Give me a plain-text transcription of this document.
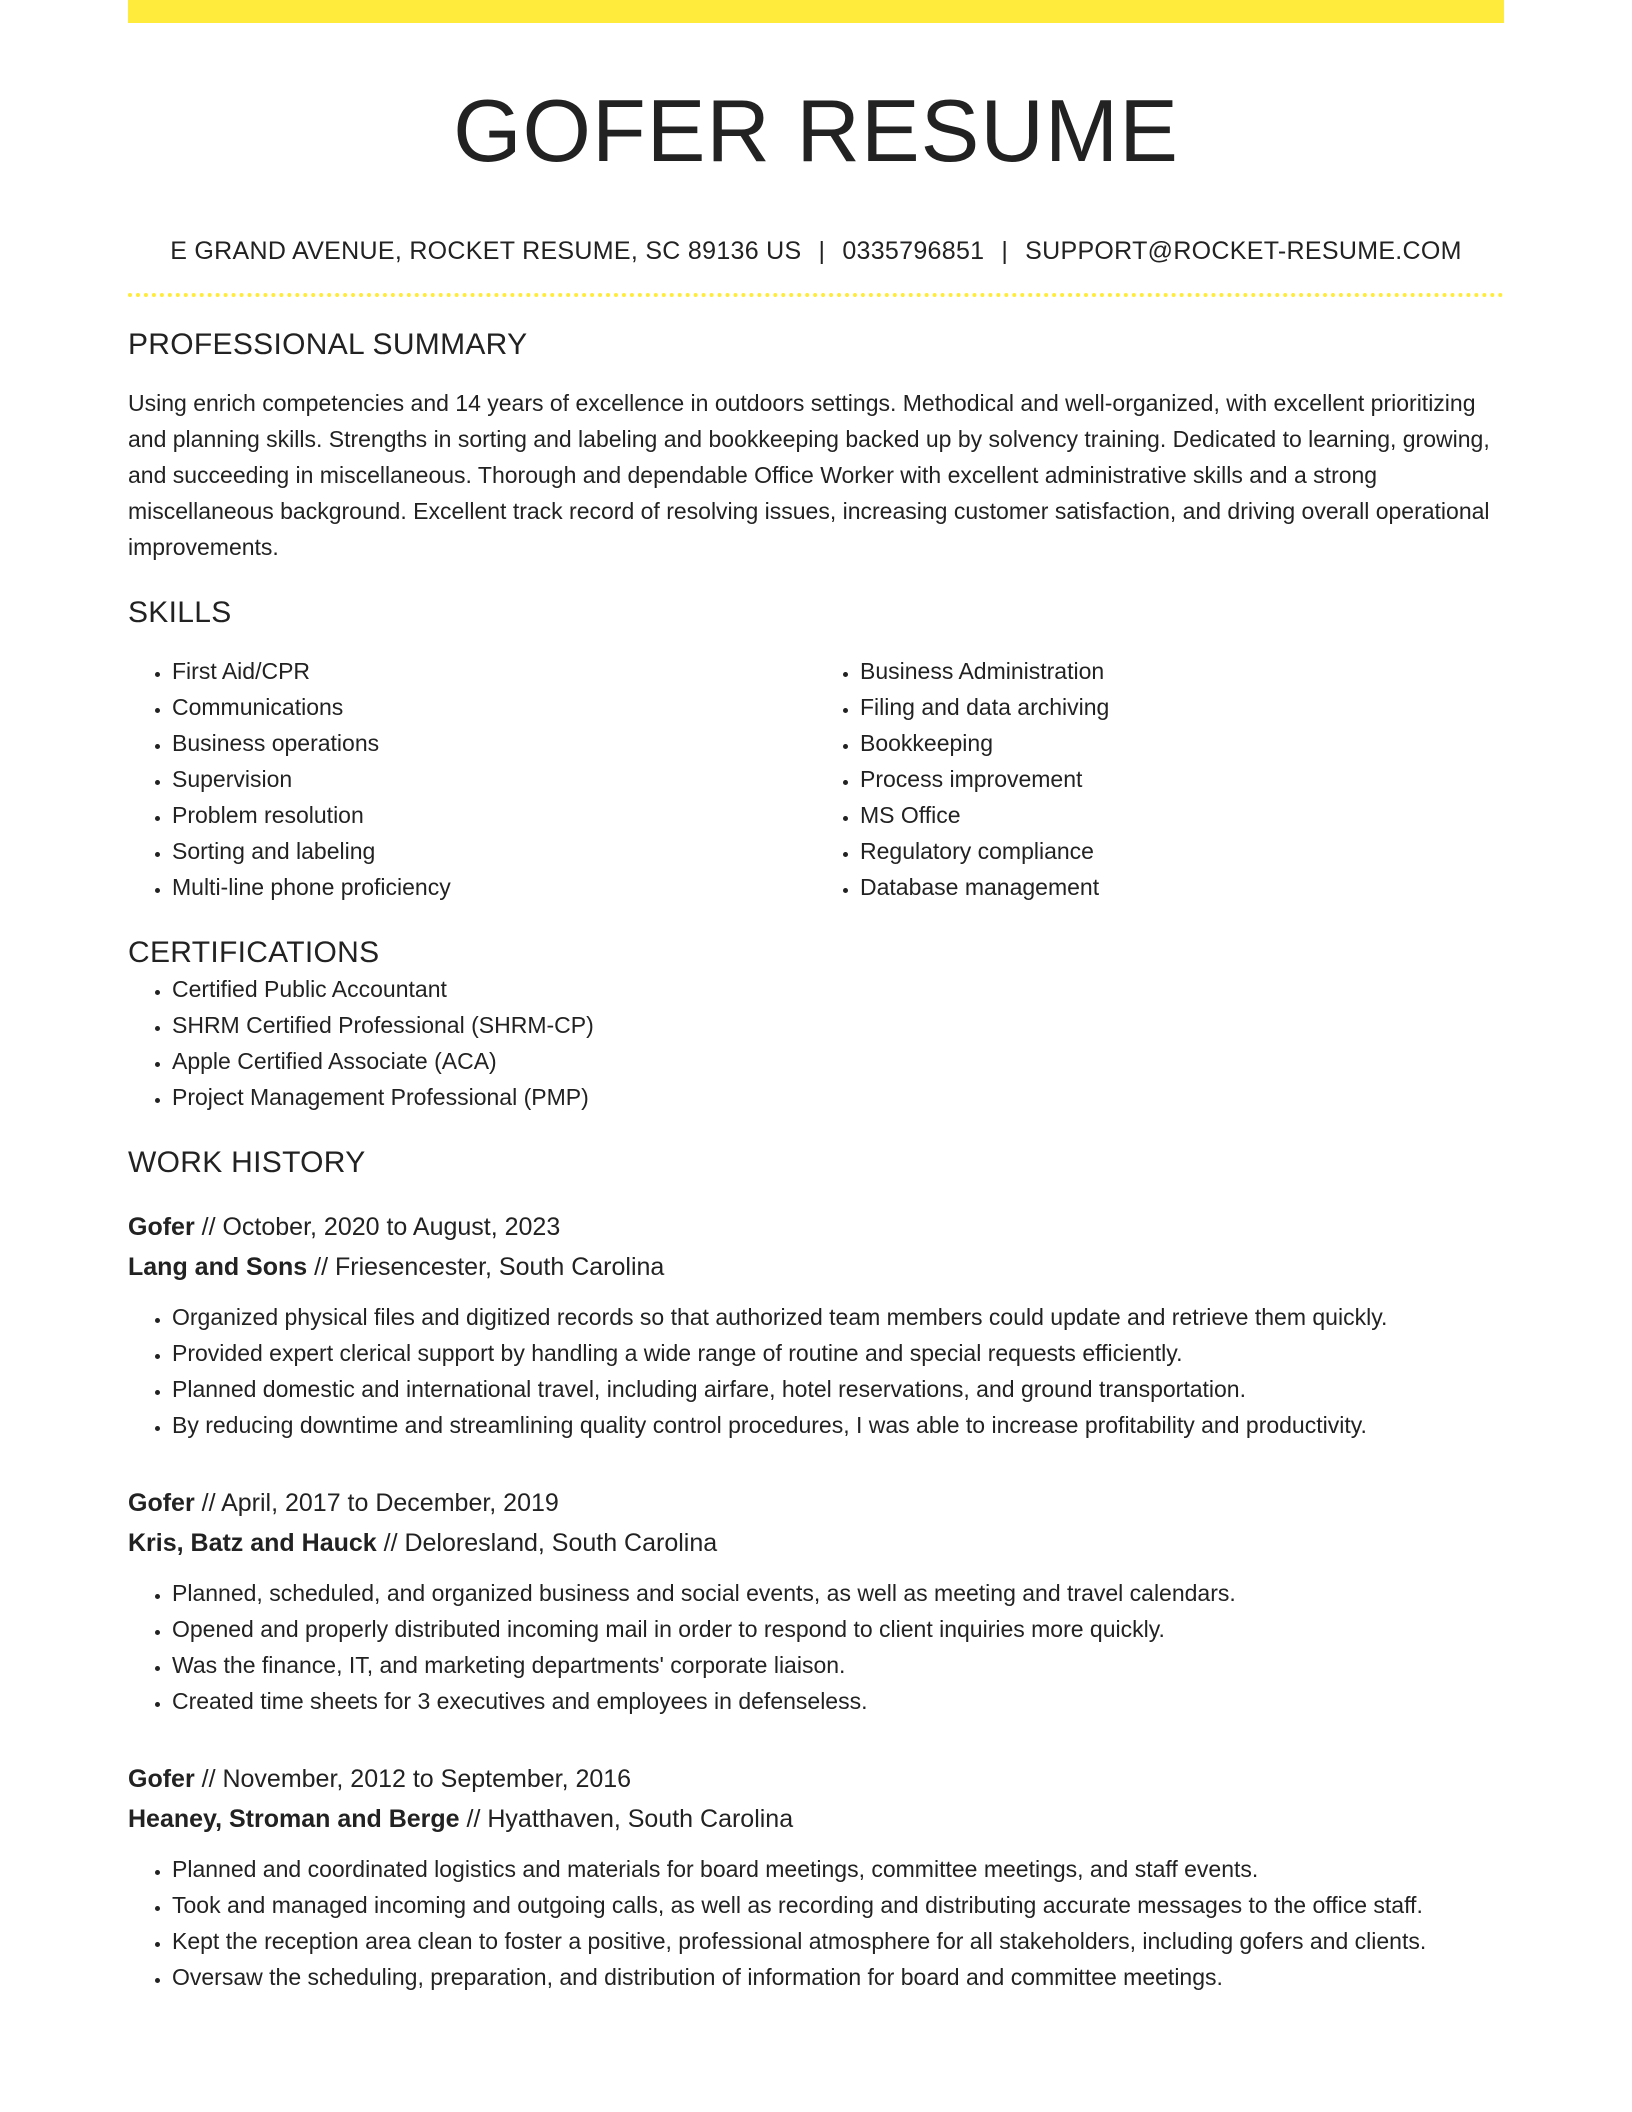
GOFER RESUME
E GRAND AVENUE, ROCKET RESUME, SC 89136 US | 0335796851 | SUPPORT@ROCKET-RESUME.COM
PROFESSIONAL SUMMARY

Using enrich competencies and 14 years of excellence in outdoors settings. Methodical and well-organized, with excellent prioritizing and planning skills. Strengths in sorting and labeling and bookkeeping backed up by solvency training. Dedicated to learning, growing, and succeeding in miscellaneous. Thorough and dependable Office Worker with excellent administrative skills and a strong miscellaneous background. Excellent track record of resolving issues, increasing customer satisfaction, and driving overall operational improvements.

SKILLS
• First Aid/CPR
• Communications
• Business operations
• Supervision
• Problem resolution
• Sorting and labeling
• Multi-line phone proficiency
• Business Administration
• Filing and data archiving
• Bookkeeping
• Process improvement
• MS Office
• Regulatory compliance
• Database management
CERTIFICATIONS
• Certified Public Accountant
• SHRM Certified Professional (SHRM-CP)
• Apple Certified Associate (ACA)
• Project Management Professional (PMP)
WORK HISTORY
Gofer // October, 2020 to August, 2023
Lang and Sons // Friesencester, South Carolina
• Organized physical files and digitized records so that authorized team members could update and retrieve them quickly.
• Provided expert clerical support by handling a wide range of routine and special requests efficiently.
• Planned domestic and international travel, including airfare, hotel reservations, and ground transportation.
• By reducing downtime and streamlining quality control procedures, I was able to increase profitability and productivity.
Gofer // April, 2017 to December, 2019
Kris, Batz and Hauck // Deloresland, South Carolina
• Planned, scheduled, and organized business and social events, as well as meeting and travel calendars.
• Opened and properly distributed incoming mail in order to respond to client inquiries more quickly.
• Was the finance, IT, and marketing departments' corporate liaison.
• Created time sheets for 3 executives and employees in defenseless.
Gofer // November, 2012 to September, 2016
Heaney, Stroman and Berge // Hyatthaven, South Carolina
• Planned and coordinated logistics and materials for board meetings, committee meetings, and staff events.
• Took and managed incoming and outgoing calls, as well as recording and distributing accurate messages to the office staff.
• Kept the reception area clean to foster a positive, professional atmosphere for all stakeholders, including gofers and clients.
• Oversaw the scheduling, preparation, and distribution of information for board and committee meetings.
